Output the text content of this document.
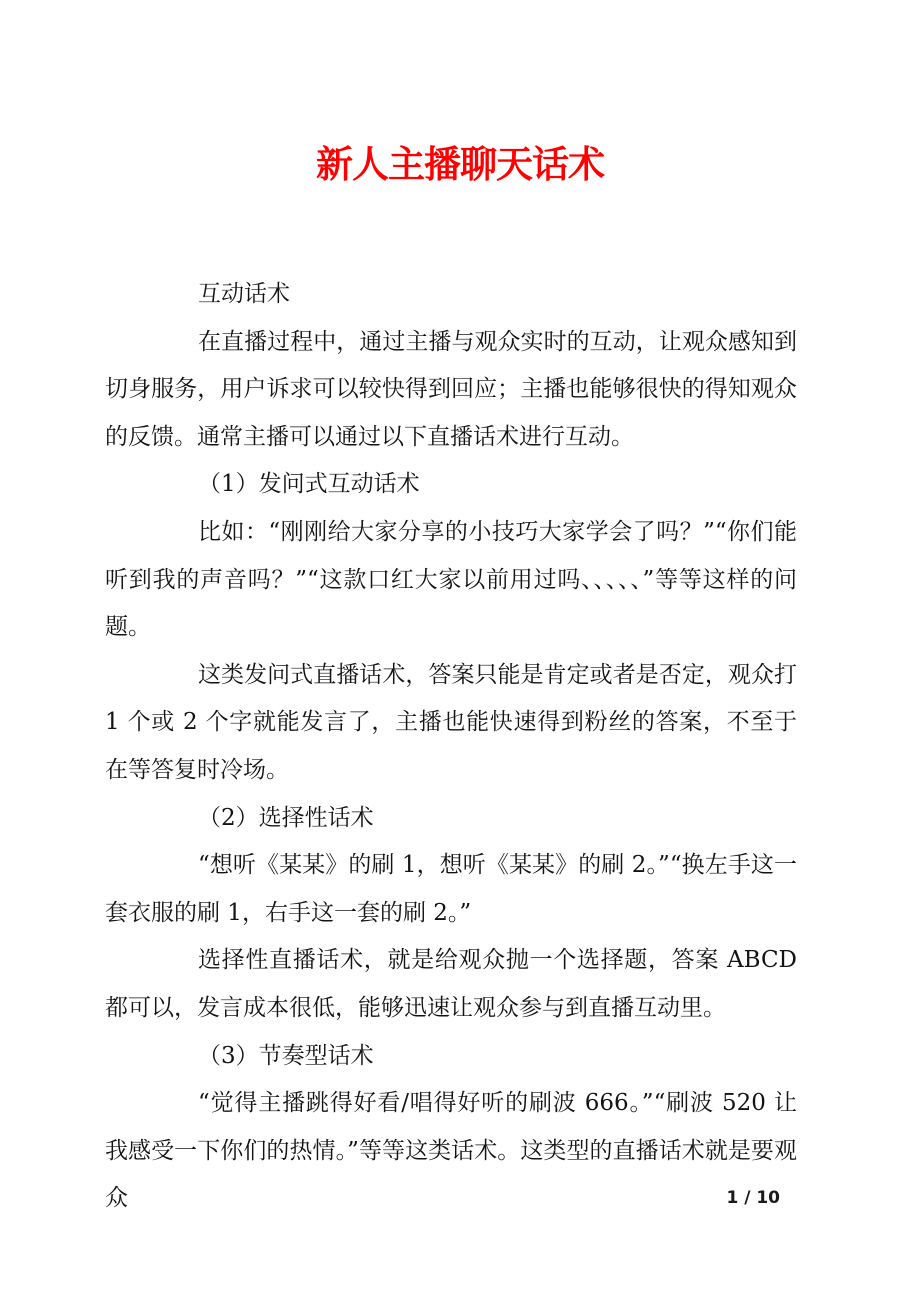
新人主播聊天话术

互动话术

在直播过程中，通过主播与观众实时的互动，让观众感知到切身服务，用户诉求可以较快得到回应；主播也能够很快的得知观众的反馈。通常主播可以通过以下直播话术进行互动。

（1）发问式互动话术

比如：“刚刚给大家分享的小技巧大家学会了吗？”“你们能听到我的声音吗？”“这款口红大家以前用过吗、、、、、”等等这样的问题。

这类发问式直播话术，答案只能是肯定或者是否定，观众打 1 个或 2 个字就能发言了，主播也能快速得到粉丝的答案，不至于在等答复时冷场。

（2）选择性话术

“想听《某某》的刷 1，想听《某某》的刷 2。”“换左手这一套衣服的刷 1，右手这一套的刷 2。”

选择性直播话术，就是给观众抛一个选择题，答案 ABCD 都可以，发言成本很低，能够迅速让观众参与到直播互动里。

（3）节奏型话术

“觉得主播跳得好看/唱得好听的刷波 666。”“刷波 520 让我感受一下你们的热情。”等等这类话术。这类型的直播话术就是要观众	1 / 10
